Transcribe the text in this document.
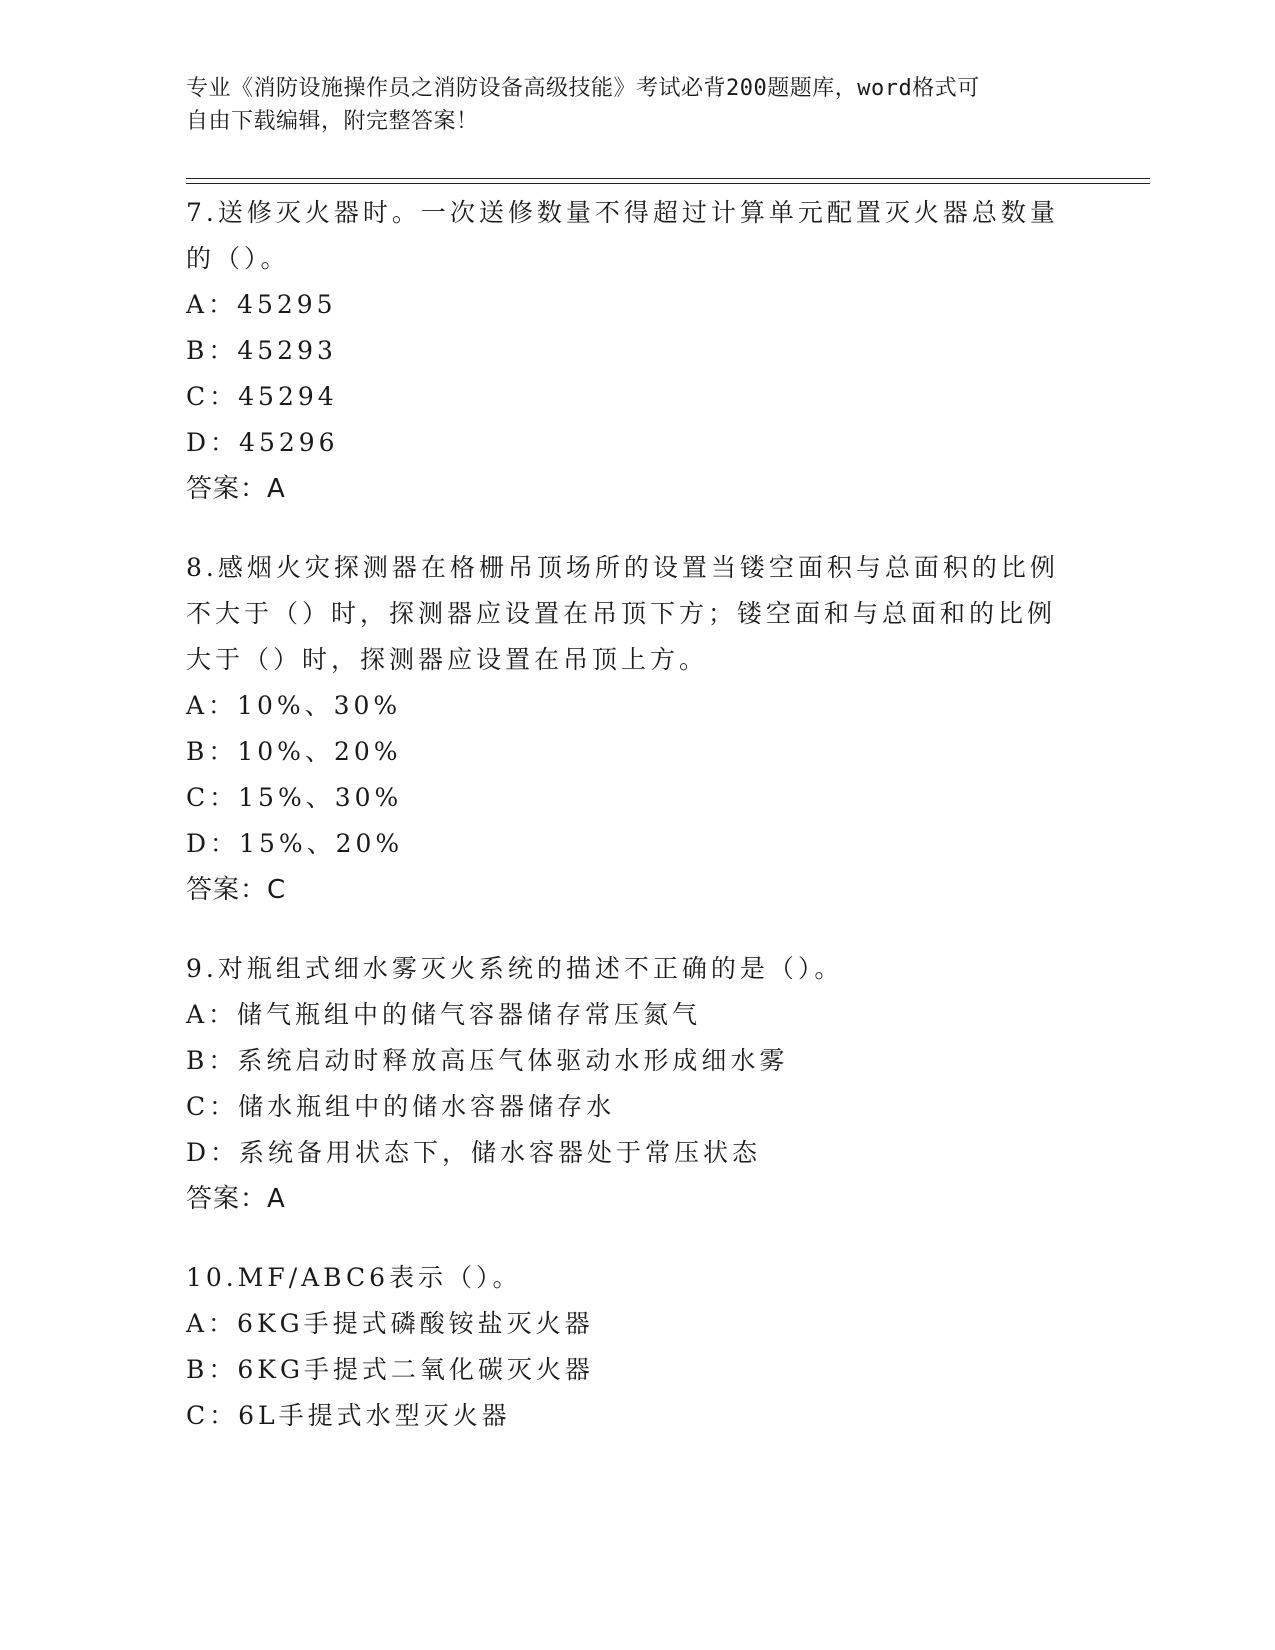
专业《消防设施操作员之消防设备高级技能》考试必背200题题库，word格式可
自由下载编辑，附完整答案！
7.送修灭火器时。一次送修数量不得超过计算单元配置灭火器总数量
的（）。
A：45295
B：45293
C：45294
D：45296
答案：A
8.感烟火灾探测器在格栅吊顶场所的设置当镂空面积与总面积的比例
不大于（）时，探测器应设置在吊顶下方；镂空面和与总面和的比例
大于（）时，探测器应设置在吊顶上方。
A：10%、30%
B：10%、20%
C：15%、30%
D：15%、20%
答案：C
9.对瓶组式细水雾灭火系统的描述不正确的是（）。
A：储气瓶组中的储气容器储存常压氮气
B：系统启动时释放高压气体驱动水形成细水雾
C：储水瓶组中的储水容器储存水
D：系统备用状态下，储水容器处于常压状态
答案：A
10.MF/ABC6表示（）。
A：6KG手提式磷酸铵盐灭火器
B：6KG手提式二氧化碳灭火器
C：6L手提式水型灭火器
